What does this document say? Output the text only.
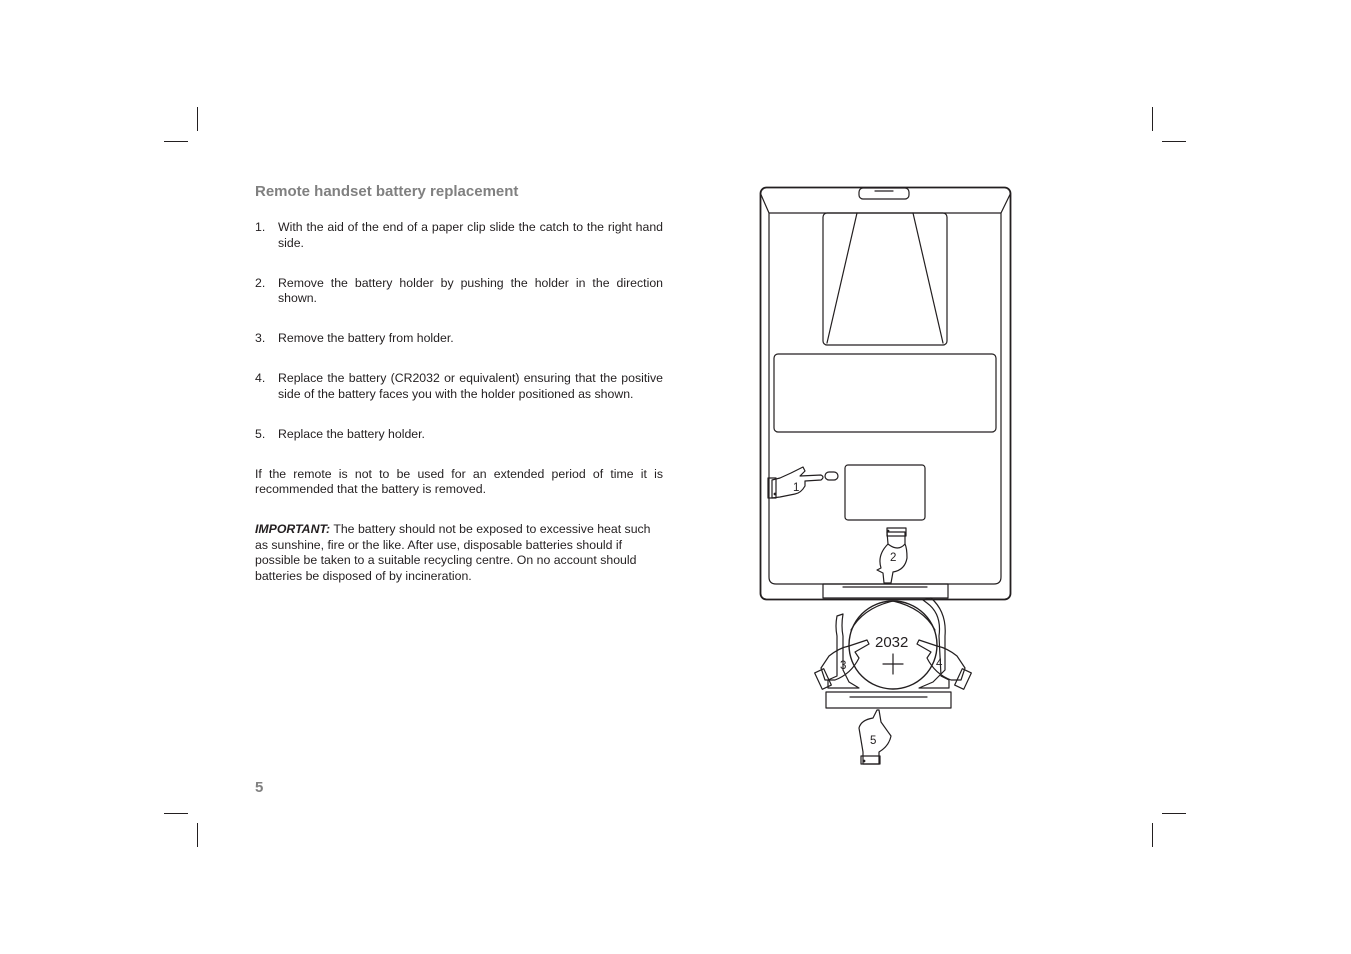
Remote handset battery replacement
1.	With the aid of the end of a paper clip slide the catch to the right hand side.
2.	Remove the battery holder by pushing the holder in the direction shown.
3.	Remove the battery from holder.
4.	Replace the battery (CR2032 or equivalent) ensuring that the positive side of the battery faces you with the holder positioned as shown.
5.	Replace the battery holder.

If the remote is not to be used for an extended period of time it is recommended that the battery is removed.

IMPORTANT: The battery should not be exposed to excessive heat such as sunshine, fire or the like. After use, disposable batteries should if possible be taken to a suitable recycling centre. On no account should batteries be disposed of by incineration.

5
1
2
3	4
5
2032
